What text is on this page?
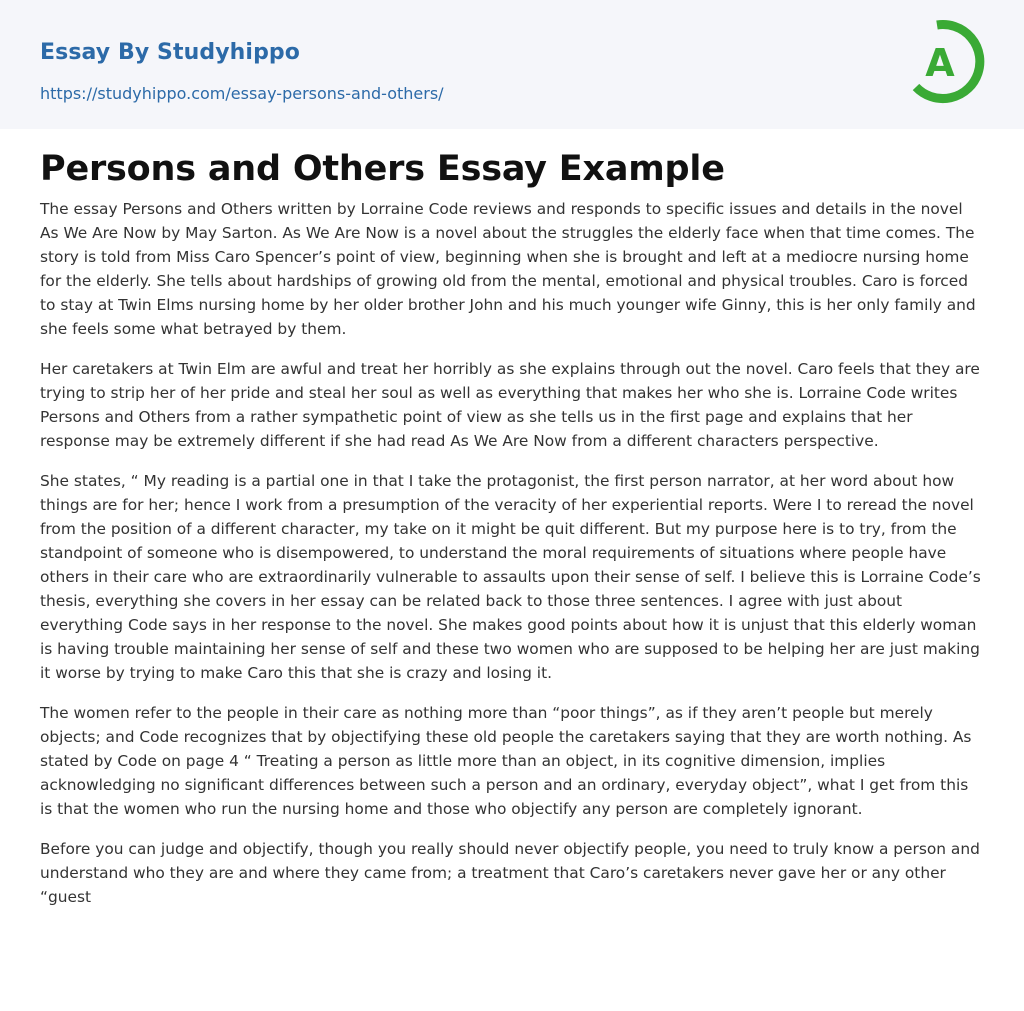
Essay By Studyhippo
https://studyhippo.com/essay-persons-and-others/
A
Persons and Others Essay Example

The essay Persons and Others written by Lorraine Code reviews and responds to specific issues and details in the novel As We Are Now by May Sarton. As We Are Now is a novel about the struggles the elderly face when that time comes. The story is told from Miss Caro Spencer’s point of view, beginning when she is brought and left at a mediocre nursing home for the elderly. She tells about hardships of growing old from the mental, emotional and physical troubles. Caro is forced to stay at Twin Elms nursing home by her older brother John and his much younger wife Ginny, this is her only family and she feels some what betrayed by them.

Her caretakers at Twin Elm are awful and treat her horribly as she explains through out the novel. Caro feels that they are trying to strip her of her pride and steal her soul as well as everything that makes her who she is. Lorraine Code writes Persons and Others from a rather sympathetic point of view as she tells us in the first page and explains that her response may be extremely different if she had read As We Are Now from a different characters perspective.

She states, “ My reading is a partial one in that I take the protagonist, the first person narrator, at her word about how things are for her; hence I work from a presumption of the veracity of her experiential reports. Were I to reread the novel from the position of a different character, my take on it might be quit different. But my purpose here is to try, from the standpoint of someone who is disempowered, to understand the moral requirements of situations where people have others in their care who are extraordinarily vulnerable to assaults upon their sense of self. I believe this is Lorraine Code’s thesis, everything she covers in her essay can be related back to those three sentences. I agree with just about everything Code says in her response to the novel. She makes good points about how it is unjust that this elderly woman is having trouble maintaining her sense of self and these two women who are supposed to be helping her are just making it worse by trying to make Caro this that she is crazy and losing it.

The women refer to the people in their care as nothing more than “poor things”, as if they aren’t people but merely objects; and Code recognizes that by objectifying these old people the caretakers saying that they are worth nothing. As stated by Code on page 4 “ Treating a person as little more than an object, in its cognitive dimension, implies acknowledging no significant differences between such a person and an ordinary, everyday object”, what I get from this is that the women who run the nursing home and those who objectify any person are completely ignorant.

Before you can judge and objectify, though you really should never objectify people, you need to truly know a person and understand who they are and where they came from; a treatment that Caro’s caretakers never gave her or any other “guest
